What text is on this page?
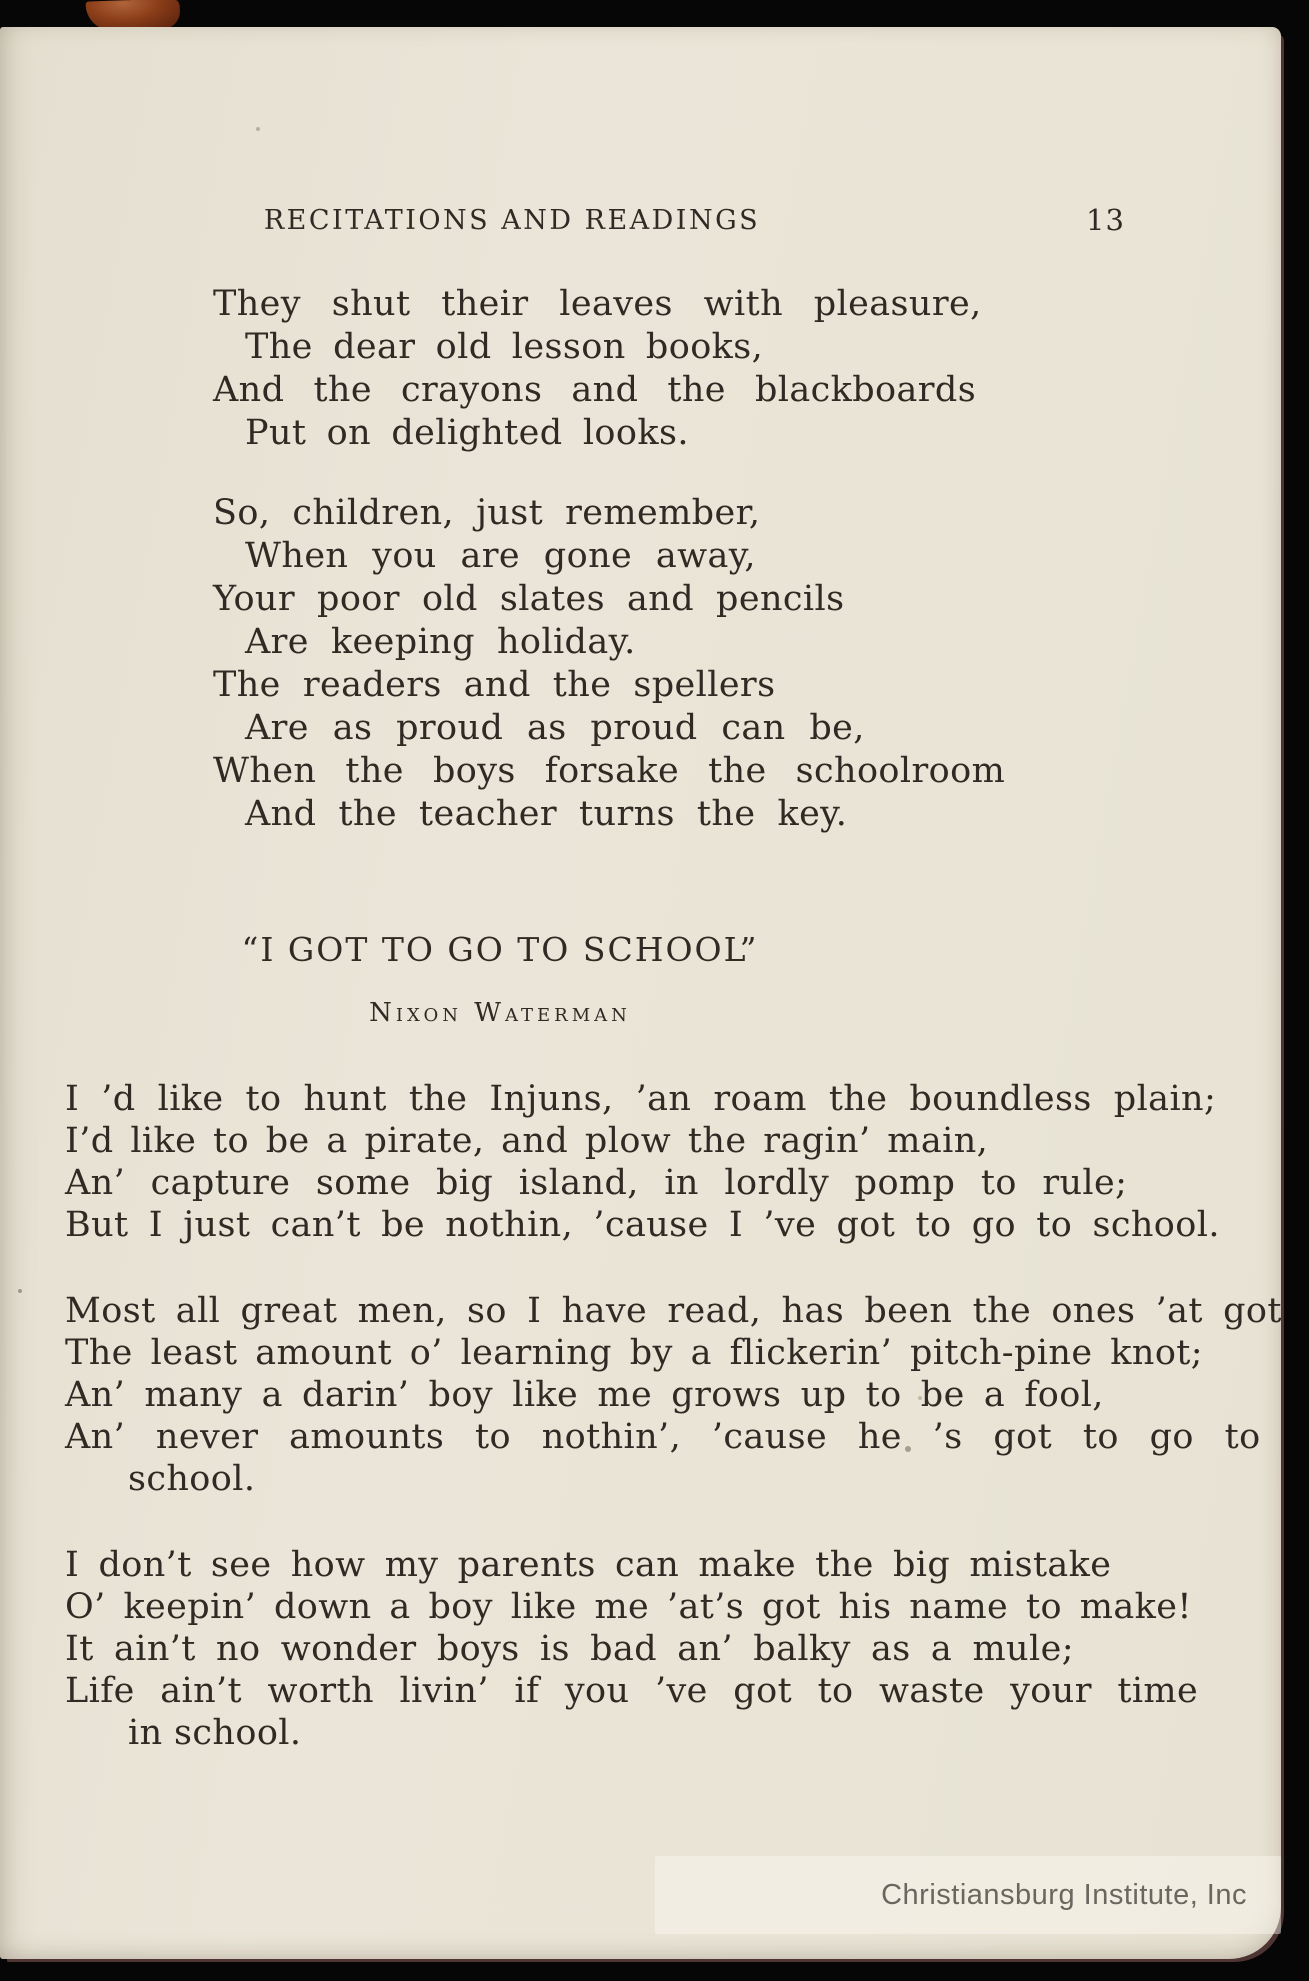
RECITATIONS AND READINGS	13
They shut their leaves with pleasure,
The dear old lesson books,
And the crayons and the blackboards
Put on delighted looks.
So, children, just remember,
When you are gone away,
Your poor old slates and pencils
Are keeping holiday.
The readers and the spellers
Are as proud as proud can be,
When the boys forsake the schoolroom
And the teacher turns the key.
“I GOT TO GO TO SCHOOL”
Nixon Waterman
I ’d like to hunt the Injuns, ’an roam the boundless plain;
I’d like to be a pirate, and plow the ragin’ main,
An’ capture some big island, in lordly pomp to rule;
But I just can’t be nothin, ’cause I ’ve got to go to school.
Most all great men, so I have read, has been the ones ’at got
The least amount o’ learning by a flickerin’ pitch-pine knot;
An’ many a darin’ boy like me grows up to be a fool,
An’ never amounts to nothin’, ’cause he ’s got to go to
school.
I don’t see how my parents can make the big mistake
O’ keepin’ down a boy like me ’at’s got his name to make!
It ain’t no wonder boys is bad an’ balky as a mule;
Life ain’t worth livin’ if you ’ve got to waste your time
in school.
Christiansburg Institute, Inc
